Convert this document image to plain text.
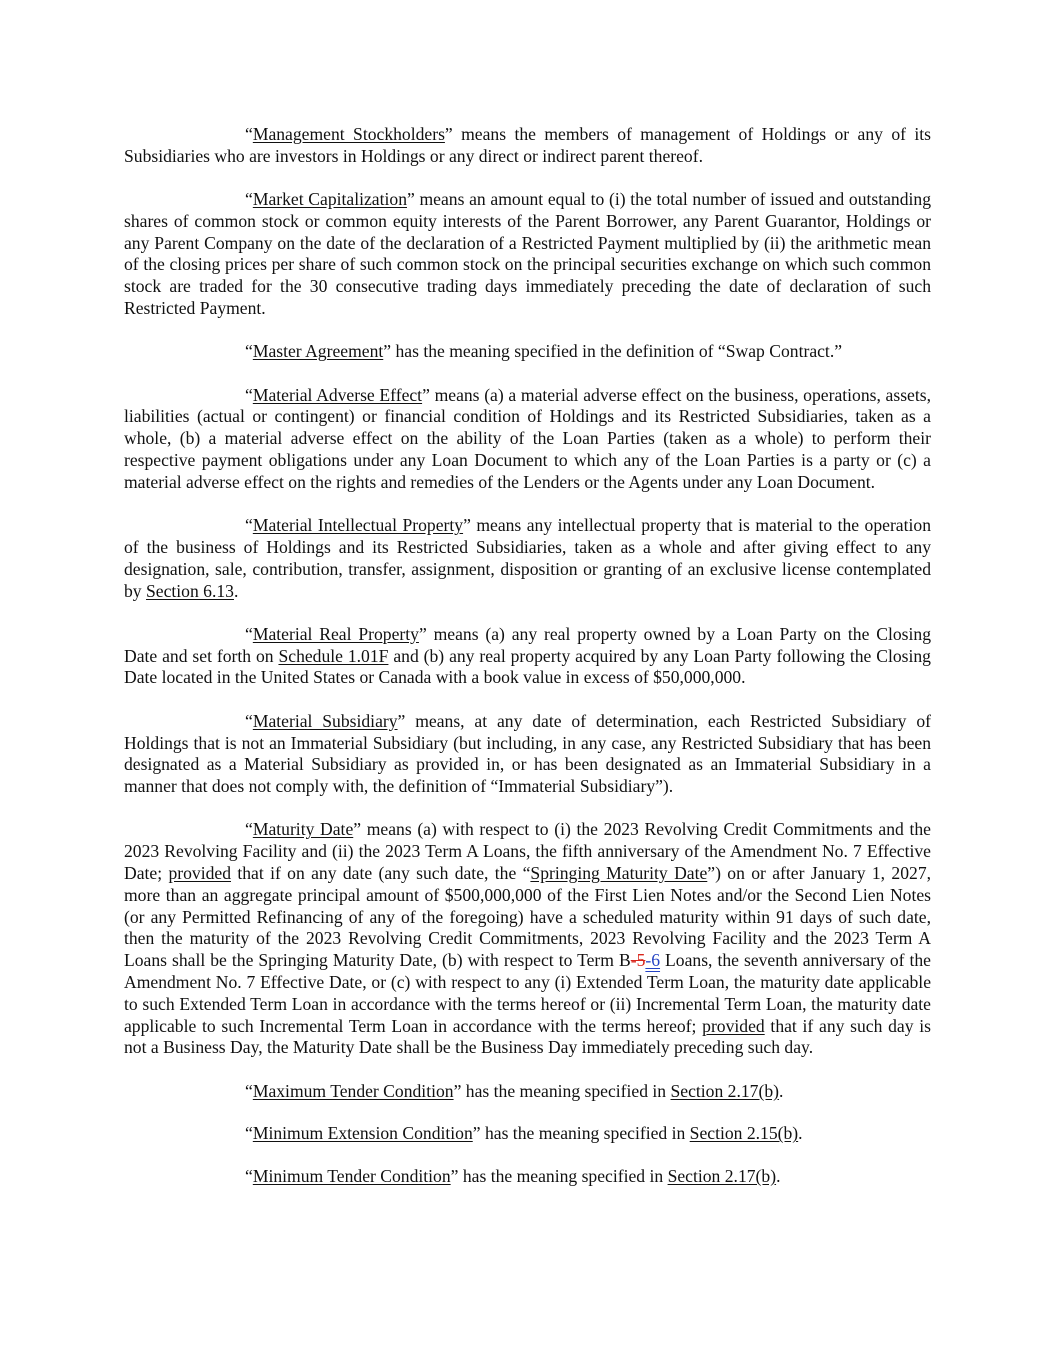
“Management Stockholders” means the members of management of Holdings or any of its Subsidiaries who are investors in Holdings or any direct or indirect parent thereof.

“Market Capitalization” means an amount equal to (i) the total number of issued and outstanding shares of common stock or common equity interests of the Parent Borrower, any Parent Guarantor, Holdings or any Parent Company on the date of the declaration of a Restricted Payment multiplied by (ii) the arithmetic mean of the closing prices per share of such common stock on the principal securities exchange on which such common stock are traded for the 30 consecutive trading days immediately preceding the date of declaration of such Restricted Payment.

“Master Agreement” has the meaning specified in the definition of “Swap Contract.”

“Material Adverse Effect” means (a) a material adverse effect on the business, operations, assets, liabilities (actual or contingent) or financial condition of Holdings and its Restricted Subsidiaries, taken as a whole, (b) a material adverse effect on the ability of the Loan Parties (taken as a whole) to perform their respective payment obligations under any Loan Document to which any of the Loan Parties is a party or (c) a material adverse effect on the rights and remedies of the Lenders or the Agents under any Loan Document.

“Material Intellectual Property” means any intellectual property that is material to the operation of the business of Holdings and its Restricted Subsidiaries, taken as a whole and after giving effect to any designation, sale, contribution, transfer, assignment, disposition or granting of an exclusive license contemplated by Section 6.13.

“Material Real Property” means (a) any real property owned by a Loan Party on the Closing Date and set forth on Schedule 1.01F and (b) any real property acquired by any Loan Party following the Closing Date located in the United States or Canada with a book value in excess of $50,000,000.

“Material Subsidiary” means, at any date of determination, each Restricted Subsidiary of Holdings that is not an Immaterial Subsidiary (but including, in any case, any Restricted Subsidiary that has been designated as a Material Subsidiary as provided in, or has been designated as an Immaterial Subsidiary in a manner that does not comply with, the definition of “Immaterial Subsidiary”).

“Maturity Date” means (a) with respect to (i) the 2023 Revolving Credit Commitments and the 2023 Revolving Facility and (ii) the 2023 Term A Loans, the fifth anniversary of the Amendment No. 7 Effective Date; provided that if on any date (any such date, the “Springing Maturity Date”) on or after January 1, 2027, more than an aggregate principal amount of $500,000,000 of the First Lien Notes and/or the Second Lien Notes (or any Permitted Refinancing of any of the foregoing) have a scheduled maturity within 91 days of such date, then the maturity of the 2023 Revolving Credit Commitments, 2023 Revolving Facility and the 2023 Term A Loans shall be the Springing Maturity Date, (b) with respect to Term B-5-6 Loans, the seventh anniversary of the Amendment No. 7 Effective Date, or (c) with respect to any (i) Extended Term Loan, the maturity date applicable to such Extended Term Loan in accordance with the terms hereof or (ii) Incremental Term Loan, the maturity date applicable to such Incremental Term Loan in accordance with the terms hereof; provided that if any such day is not a Business Day, the Maturity Date shall be the Business Day immediately preceding such day.

“Maximum Tender Condition” has the meaning specified in Section 2.17(b).

“Minimum Extension Condition” has the meaning specified in Section 2.15(b).

“Minimum Tender Condition” has the meaning specified in Section 2.17(b).
